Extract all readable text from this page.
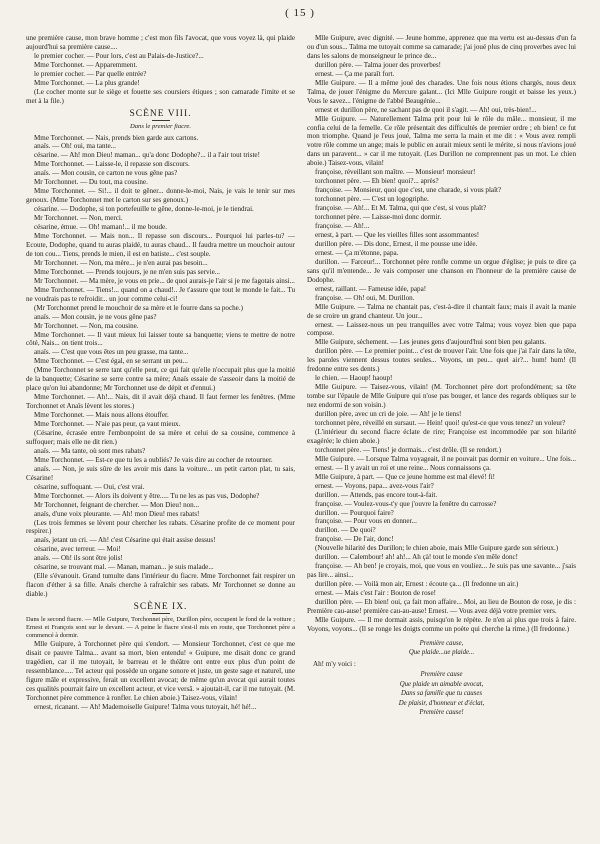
( 15 )

une première cause, mon brave homme ; c'est mon fils l'avocat, que vous voyez là, qui plaide aujourd'hui sa première cause....

le premier cocher. — Pour lors, c'est au Palais-de-Justice?...

Mme Torchonnet. — Apparemment.

le premier cocher. — Par quelle entrée?

Mme Torchonnet. — La plus grande!

(Le cocher monte sur le siège et fouette ses coursiers étiques ; son camarade l'imite et se met à la file.)

SCÈNE VIII.
Dans le premier fiacre.

Mme Torchonnet. — Nais, prends bien garde aux cartons.

anaïs. — Oh! oui, ma tante...

césarine. — Ah! mon Dieu! maman... qu'a donc Dodophe?... il a l'air tout triste!

Mme Torchonnet. — Laisse-le, il repasse son discours.

anaïs. — Mon cousin, ce carton ne vous gêne pas?

Mr Torchonnet. — Du tout, ma cousine.

Mme Torchonnet. — Si!... il doit te gêner... donne-le-moi, Nais, je vais le tenir sur mes genoux. (Mme Torchonnet met le carton sur ses genoux.)

césarine. — Dodophe, si ton portefeuille te gêne, donne-le-moi, je le tiendrai.

Mr Torchonnet. — Non, merci.

césarine, émue. — Oh! maman!... il me boude.

Mme Torchonnet. — Mais non... Il repasse son discours... Pourquoi lui parles-tu? — Ecoute, Dodophe, quand tu auras plaidé, tu auras chaud... Il faudra mettre un mouchoir autour de ton cou... Tiens, prends le mien, il est en batiste... c'est souple.

Mr Torchonnet. — Non, ma mère... je n'en aurai pas besoin...

Mme Torchonnet. — Prends toujours, je ne m'en suis pas servie...

Mr Torchonnet. — Ma mère, je vous en prie... de quoi aurais-je l'air si je me fagotais ainsi...

Mme Torchonnet. — Tiens!... quand on a chaud!.. Je t'assure que tout le monde le fait... Tu ne voudrais pas te refroidir... un jour comme celui-ci!

(Mr Torchonnet prend le mouchoir de sa mère et le fourre dans sa poche.)

anaïs. — Mon cousin, je ne vous gêne pas?

Mr Torchonnet. — Non, ma cousine.

Mme Torchonnet. — Il vaut mieux lui laisser toute sa banquette; viens te mettre de notre côté, Nais... on tient trois...

anaïs. — C'est que vous êtes un peu grasse, ma tante...

Mme Torchonnet. — C'est égal, en se serrant un peu...

(Mme Torchonnet se serre tant qu'elle peut, ce qui fait qu'elle n'occupait plus que la moitié de la banquette; Césarine se serre contre sa mère; Anaïs essaie de s'asseoir dans la moitié de place qu'on lui abandonne; Mr Torchonnet use de dépit et d'ennui.)

Mme Torchonnet. — Ah!... Nais, dit il avait déjà chaud. Il faut fermer les fenêtres. (Mme Torchonnet et Anaïs lèvent les stores.)

Mme Torchonnet. — Mais nous allons étouffer.

Mme Torchonnet. — N'aie pas peur, ça vaut mieux.

(Césarine, écrasée entre l'embonpoint de sa mère et celui de sa cousine, commence à suffoquer; mais elle ne dit rien.)

anaïs. — Ma tante, où sont mes rabats?

Mme Torchonnet. — Est-ce que tu les a oubliés? Je vais dire au cocher de retourner.

anaïs. — Non, je suis sûre de les avoir mis dans la voiture... un petit carton plat, tu sais, Césarine!

césarine, suffoquant. — Oui, c'est vrai.

Mme Torchonnet. — Alors ils doivent y être..... Tu ne les as pas vus, Dodophe?

Mr Torchonnet, feignant de chercher. — Mon Dieu! non...

anaïs, d'une voix pleurante. — Ah! mon Dieu! mes rabats!

(Les trois femmes se lèvent pour chercher les rabats. Césarine profite de ce moment pour respirer.)

anaïs, jetant un cri. — Ah! c'est Césarine qui était assise dessus!

césarine, avec terreur. — Moi!

anaïs. — Oh! ils sont être jolis!

césarine, se trouvant mal. — Manan, maman... je suis malade...

(Elle s'évanouit. Grand tumulte dans l'intérieur du fiacre. Mme Torchonnet fait respirer un flacon d'éther à sa fille. Anaïs cherche à rafraîchir ses rabats. Mr Torchonnet se donne au diable.)

SCÈNE IX.

Dans le second fiacre. — Mlle Guipure, Torchonnet père, Durillon père, occupent le fond de la voiture ; Ernest et François sont sur le devant. — A peine le fiacre s'est-il mis en route, que Torchonnet père a commencé à dormir.

Mlle Guipure, à Torchonnet père qui s'endort. — Monsieur Torchonnet, c'est ce que me disait ce pauvre Talma... avant sa mort, bien entendu! « Guipure, me disait donc ce grand tragédien, car il me tutoyait, le barreau et le théâtre ont entre eux plus d'un point de ressemblance..... Tel acteur qui possède un organe sonore et juste, un geste sage et naturel, une figure mâle et expressive, ferait un excellent avocat; de même qu'un avocat qui aurait toutes ces qualités pourrait faire un excellent acteur, et vice versâ. » ajoutait-il, car il me tutoyait. (M. Torchonnet père commence à ronfler. Le chien aboie.) Taisez-vous, vilain!

ernest, ricanant. — Ah! Mademoiselle Guipure! Talma vous tutoyait, hé! hé!...

Mlle Guipure, avec dignité. — Jeune homme, apprenez que ma vertu est au-dessus d'un fa ou d'un sous... Talma me tutoyait comme sa camarade; j'ai joué plus de cinq proverbes avec lui dans les salons de monseigneur le prince de...

durillon père. — Talma jouer des proverbes!

ernest. — Ça me paraît fort.

Mlle Guipure. — Il a même joué des charades. Une fois nous étions chargés, nous deux Talma, de jouer l'énigme du Mercure galant... (Ici Mlle Guipure rougit et baisse les yeux.) Vous le savez... l'énigme de l'abbé Beaugénie...

ernest et durillon père, ne sachant pas de quoi il s'agit. — Ah! oui, très-bien!...

Mlle Guipure. — Naturellement Talma prit pour lui le rôle du mâle... monsieur, il me confia celui de la femelle. Ce rôle présentait des difficultés de premier ordre ; eh bien! ce fut mon triomphe. Quand je l'eus joué, Talma me serra la main et me dit : « Vous avez rempli votre rôle comme un ange; mais le public en aurait mieux senti le mérite, si nous n'avions joué dans un paravent... » car il me tutoyait. (Les Durillon ne comprennent pas un mot. Le chien aboie.) Taisez-vous, vilain!

françoise, réveillant son maître. — Monsieur! monsieur!

torchonnet père. — Eh bien! quoi?... après?

françoise. — Monsieur, quoi que c'est, une charade, si vous plaît?

torchonnet père. — C'est un logogriphe.

françoise. — Ah!... Et M. Talma, qui que c'est, si vous plaît?

torchonnet père. — Laisse-moi donc dormir.

françoise. — Ah!...

ernest, à part. — Que les vieilles filles sont assommantes!

durillon père. — Dis donc, Ernest, il me pousse une idée.

ernest. — Ça m'étonne, papa.

durillon. — Farceur!... Torchonnet père ronfle comme un orgue d'église; je puis te dire ça sans qu'il m'entende... Je vais composer une chanson en l'honneur de la première cause de Dodophe.

ernest, raillant. — Fameuse idée, papa!

françoise. — Oh! oui, M. Durillon.

Mlle Guipure. — Talma ne chantait pas, c'est-à-dire il chantait faux; mais il avait la manie de se croire un grand chanteur. Un jour...

ernest. — Laissez-nous un peu tranquilles avec votre Talma; vous voyez bien que papa compose.

Mlle Guipure, sèchement. — Les jeunes gens d'aujourd'hui sont bien peu galants.

durillon père. — Le premier point... c'est de trouver l'air. Une fois que j'ai l'air dans la tête, les paroles viennent dessus toutes seules... Voyons, un peu... quel air?... hum! hum! (Il fredonne entre ses dents.)

le chien. — Haoup! haoup!

Mlle Guipure. — Taisez-vous, vilain! (M. Torchonnet père dort profondément; sa tête tombe sur l'épaule de Mlle Guipure qui n'ose pas bouger, et lance des regards obliques sur le nez endormi de son voisin.)

durillon père, avec un cri de joie. — Ah! je le tiens!

torchonnet père, réveillé en sursaut. — Hein! quoi! qu'est-ce que vous tenez? un voleur?

(L'intérieur du second fiacre éclate de rire; Françoise est incommodée par son hilarité exagérée; le chien aboie.)

torchonnet père. — Tiens! je dormais... c'est drôle. (Il se rendort.)

Mlle Guipure. — Lorsque Talma voyageait, il ne pouvait pas dormir en voiture... Une fois...

ernest. — Il y avait un roi et une reine... Nous connaissons ça.

Mlle Guipure, à part. — Que ce jeune homme est mal élevé! fi!

ernest. — Voyons, papa... avez-vous l'air?

durillon. — Attends, pas encore tout-à-fait.

françoise. — Voulez-vous-t'y que j'ouvre la fenêtre du carrosse?

durillon. — Pourquoi faire?

françoise. — Pour vous en donner...

durillon. — De quoi?

françoise. — De l'air, donc!

(Nouvelle hilarité des Durillon; le chien aboie, mais Mlle Guipure garde son sérieux.)

durillon. — Calembour! ah! ah!... Ah çà! tout le monde s'en mêle donc!

françoise. — Ah ben! je croyais, moi, que vous en vouliez... Je suis pas une savante... j'sais pas lire... ainsi...

durillon père. — Voilà mon air, Ernest : écoute ça... (Il fredonne un air.)

ernest. — Mais c'est l'air : Bouton de rose!

durillon père. — Eh bien! oui, ça fait mon affaire... Moi, au lieu de Bouton de rose, je dis : Première cau-ause! première cau-au-ause! Ernest. — Vous avez déjà votre premier vers.

Mlle Guipure. — Il me dormait assis, puisqu'on le répète. Je n'en ai plus que trois à faire. Voyons, voyons... (Il se ronge les doigts comme un poète qui cherche la rime.) (Il fredonne.)

Première cause,
Que plaide...ue plaide...

Ah! m'y voici :

Première cause
Que plaide un aimable avocat,
Dans sa famille que tu causes
De plaisir, d'honneur et d'éclat,
Première cause!
